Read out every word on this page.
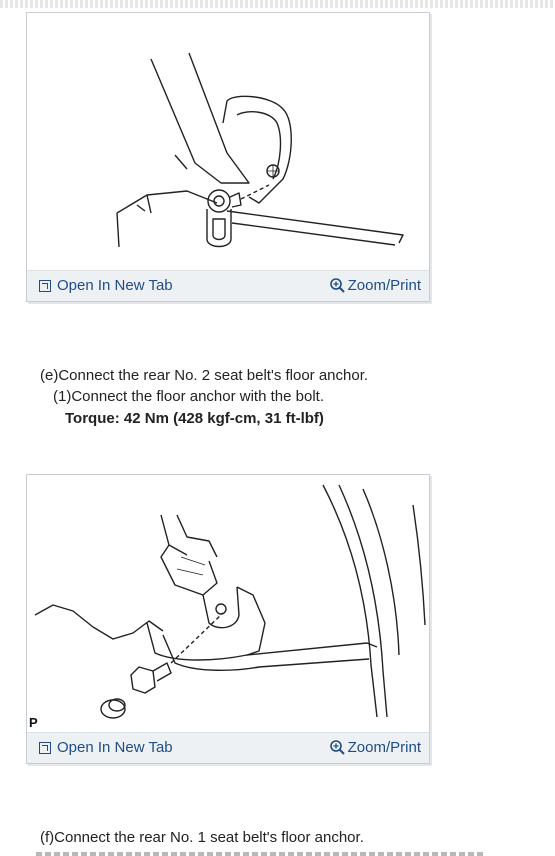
Open In New Tab	Zoom/Print
(e)Connect the rear No. 2 seat belt's floor anchor.
(1)Connect the floor anchor with the bolt.
Torque: 42 Nm (428 kgf-cm, 31 ft-lbf)
P
Open In New Tab	Zoom/Print
(f)Connect the rear No. 1 seat belt's floor anchor.
